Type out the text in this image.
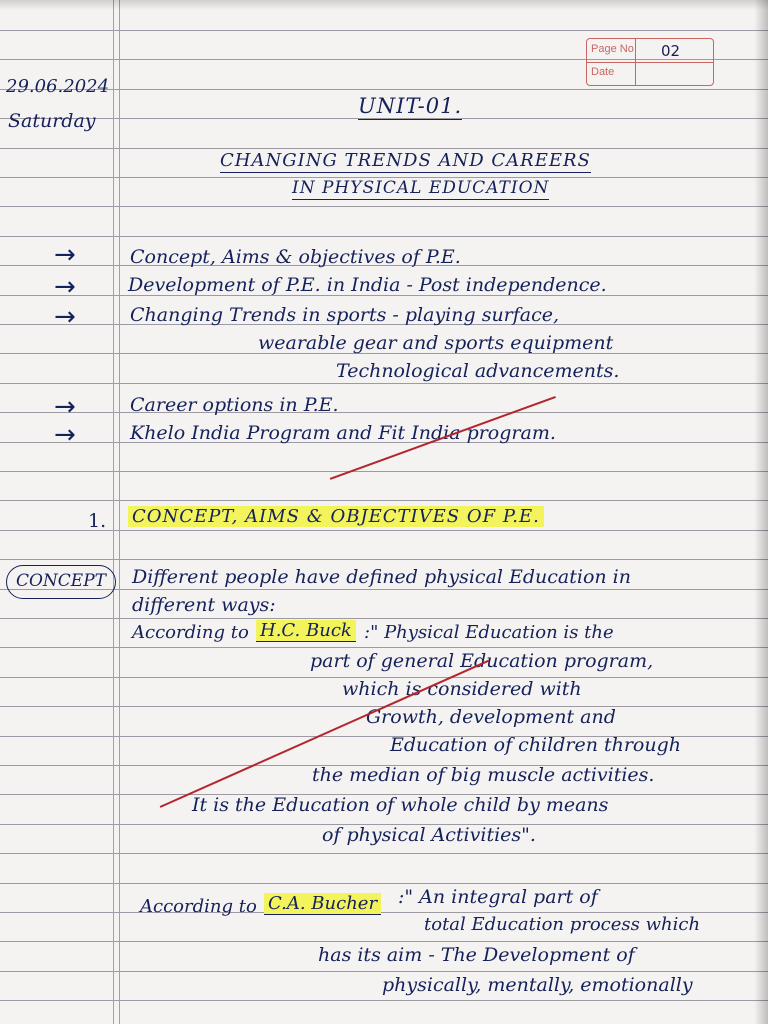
Page No 02
Date
29.06.2024
Saturday
UNIT-01.
CHANGING TRENDS AND CAREERS
IN PHYSICAL EDUCATION
→	Concept, Aims & objectives of P.E.
→	Development of P.E. in India - Post independence.
→	Changing Trends in sports - playing surface,
wearable gear and sports equipment
Technological advancements.
→	Career options in P.E.
→	Khelo India Program and Fit India program.
1. CONCEPT, AIMS & OBJECTIVES OF P.E.
CONCEPT	Different people have defined physical Education in
different ways:
According to H.C. Buck :" Physical Education is the
part of general Education program,
which is considered with
Growth, development and
Education of children through
the median of big muscle activities.
It is the Education of whole child by means
of physical Activities".
According to C.A. Bucher :" An integral part of
total Education process which
has its aim - The Development of
physically, mentally, emotionally
